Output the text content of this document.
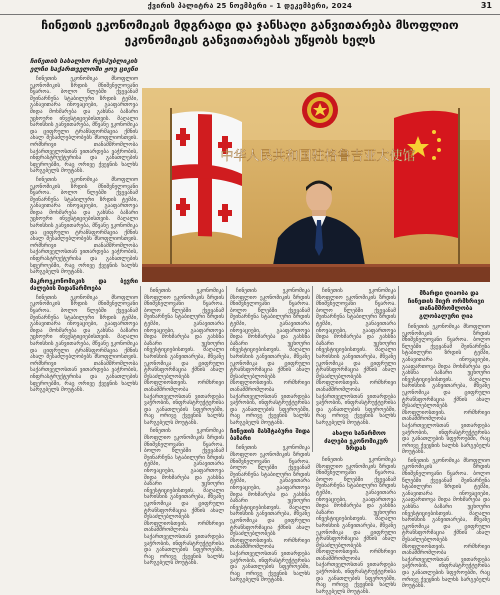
ქვირის პალიტრა 25 ნოემბერი – 1 დეკემბერი, 2024	31
ჩინეთის ეკონომიკის მდგრადი და ჯანსაღი განვითარება მსოფლიო ეკონომიკის განვითარებას უწყობს ხელს
ჩინეთის სახალხო რესპუბლიკის ელჩი საქართველოში ჟოუ ციენი

ჩინეთის ეკონომიკა მსოფლიო ეკონომიკის ზრდის მნიშვნელოვანი წყაროა. ბოლო წლებში ქვეყანამ შეინარჩუნა სტაბილური ზრდის ტემპი, განავითარა ინოვაციები, გააფართოვა შიდა მოხმარება და გახსნა ბაზარი უცხოური ინვესტიციებისთვის. მაღალი ხარისხის განვითარება, მწვანე ეკონომიკა და ციფრული ტრანსფორმაცია ქმნის ახალ შესაძლებლობებს მსოფლიოსთვის. ორმხრივი თანამშრომლობა საქართველოსთან ვითარდება ვაჭრობის, ინფრასტრუქტურისა და განათლების სფეროებში, რაც ორივე ქვეყნის ხალხს სარგებელს მოუტანს.

ჩინეთის ეკონომიკა მსოფლიო ეკონომიკის ზრდის მნიშვნელოვანი წყაროა. ბოლო წლებში ქვეყანამ შეინარჩუნა სტაბილური ზრდის ტემპი, განავითარა ინოვაციები, გააფართოვა შიდა მოხმარება და გახსნა ბაზარი უცხოური ინვესტიციებისთვის. მაღალი ხარისხის განვითარება, მწვანე ეკონომიკა და ციფრული ტრანსფორმაცია ქმნის ახალ შესაძლებლობებს მსოფლიოსთვის. ორმხრივი თანამშრომლობა საქართველოსთან ვითარდება ვაჭრობის, ინფრასტრუქტურისა და განათლების სფეროებში, რაც ორივე ქვეყნის ხალხს სარგებელს მოუტანს.

მაკროეკონომიკის და ბევრი ძალების შიდაწარმოება

ჩინეთის ეკონომიკა მსოფლიო ეკონომიკის ზრდის მნიშვნელოვანი წყაროა. ბოლო წლებში ქვეყანამ შეინარჩუნა სტაბილური ზრდის ტემპი, განავითარა ინოვაციები, გააფართოვა შიდა მოხმარება და გახსნა ბაზარი უცხოური ინვესტიციებისთვის. მაღალი ხარისხის განვითარება, მწვანე ეკონომიკა და ციფრული ტრანსფორმაცია ქმნის ახალ შესაძლებლობებს მსოფლიოსთვის. ორმხრივი თანამშრომლობა საქართველოსთან ვითარდება ვაჭრობის, ინფრასტრუქტურისა და განათლების სფეროებში, რაც ორივე ქვეყნის ხალხს სარგებელს მოუტანს.

中华人民共和国驻格鲁吉亚大使馆

ჩინეთის ეკონომიკა მსოფლიო ეკონომიკის ზრდის მნიშვნელოვანი წყაროა. ბოლო წლებში ქვეყანამ შეინარჩუნა სტაბილური ზრდის ტემპი, განავითარა ინოვაციები, გააფართოვა შიდა მოხმარება და გახსნა ბაზარი უცხოური ინვესტიციებისთვის. მაღალი ხარისხის განვითარება, მწვანე ეკონომიკა და ციფრული ტრანსფორმაცია ქმნის ახალ შესაძლებლობებს მსოფლიოსთვის. ორმხრივი თანამშრომლობა საქართველოსთან ვითარდება ვაჭრობის, ინფრასტრუქტურისა და განათლების სფეროებში, რაც ორივე ქვეყნის ხალხს სარგებელს მოუტანს.

ჩინეთის ეკონომიკა მსოფლიო ეკონომიკის ზრდის მნიშვნელოვანი წყაროა. ბოლო წლებში ქვეყანამ შეინარჩუნა სტაბილური ზრდის ტემპი, განავითარა ინოვაციები, გააფართოვა შიდა მოხმარება და გახსნა ბაზარი უცხოური ინვესტიციებისთვის. მაღალი ხარისხის განვითარება, მწვანე ეკონომიკა და ციფრული ტრანსფორმაცია ქმნის ახალ შესაძლებლობებს მსოფლიოსთვის. ორმხრივი თანამშრომლობა საქართველოსთან ვითარდება ვაჭრობის, ინფრასტრუქტურისა და განათლების სფეროებში, რაც ორივე ქვეყნის ხალხს სარგებელს მოუტანს.

ჩინეთის ეკონომიკა მსოფლიო ეკონომიკის ზრდის მნიშვნელოვანი წყაროა. ბოლო წლებში ქვეყანამ შეინარჩუნა სტაბილური ზრდის ტემპი, განავითარა ინოვაციები, გააფართოვა შიდა მოხმარება და გახსნა ბაზარი უცხოური ინვესტიციებისთვის. მაღალი ხარისხის განვითარება, მწვანე ეკონომიკა და ციფრული ტრანსფორმაცია ქმნის ახალ შესაძლებლობებს მსოფლიოსთვის. ორმხრივი თანამშრომლობა საქართველოსთან ვითარდება ვაჭრობის, ინფრასტრუქტურისა და განათლების სფეროებში, რაც ორივე ქვეყნის ხალხს სარგებელს მოუტანს.

ჩინეთის მასშტაბური შიდა ბაზარი

ჩინეთის ეკონომიკა მსოფლიო ეკონომიკის ზრდის მნიშვნელოვანი წყაროა. ბოლო წლებში ქვეყანამ შეინარჩუნა სტაბილური ზრდის ტემპი, განავითარა ინოვაციები, გააფართოვა შიდა მოხმარება და გახსნა ბაზარი უცხოური ინვესტიციებისთვის. მაღალი ხარისხის განვითარება, მწვანე ეკონომიკა და ციფრული ტრანსფორმაცია ქმნის ახალ შესაძლებლობებს მსოფლიოსთვის. ორმხრივი თანამშრომლობა საქართველოსთან ვითარდება ვაჭრობის, ინფრასტრუქტურისა და განათლების სფეროებში, რაც ორივე ქვეყნის ხალხს სარგებელს მოუტანს.

ჩინეთის ეკონომიკა მსოფლიო ეკონომიკის ზრდის მნიშვნელოვანი წყაროა. ბოლო წლებში ქვეყანამ შეინარჩუნა სტაბილური ზრდის ტემპი, განავითარა ინოვაციები, გააფართოვა შიდა მოხმარება და გახსნა ბაზარი უცხოური ინვესტიციებისთვის. მაღალი ხარისხის განვითარება, მწვანე ეკონომიკა და ციფრული ტრანსფორმაცია ქმნის ახალ შესაძლებლობებს მსოფლიოსთვის. ორმხრივი თანამშრომლობა საქართველოსთან ვითარდება ვაჭრობის, ინფრასტრუქტურისა და განათლების სფეროებში, რაც ორივე ქვეყნის ხალხს სარგებელს მოუტანს.

ახალი საწარმოო ძალები ეკონომიკურ ზრდას

ჩინეთის ეკონომიკა მსოფლიო ეკონომიკის ზრდის მნიშვნელოვანი წყაროა. ბოლო წლებში ქვეყანამ შეინარჩუნა სტაბილური ზრდის ტემპი, განავითარა ინოვაციები, გააფართოვა შიდა მოხმარება და გახსნა ბაზარი უცხოური ინვესტიციებისთვის. მაღალი ხარისხის განვითარება, მწვანე ეკონომიკა და ციფრული ტრანსფორმაცია ქმნის ახალ შესაძლებლობებს მსოფლიოსთვის. ორმხრივი თანამშრომლობა საქართველოსთან ვითარდება ვაჭრობის, ინფრასტრუქტურისა და განათლების სფეროებში, რაც ორივე ქვეყნის ხალხს სარგებელს მოუტანს.

მზარდი ღიაობა და ჩინეთის მიერ ორმხრივი თანამშრომლობა გლობალური ღია

ჩინეთის ეკონომიკა მსოფლიო ეკონომიკის ზრდის მნიშვნელოვანი წყაროა. ბოლო წლებში ქვეყანამ შეინარჩუნა სტაბილური ზრდის ტემპი, განავითარა ინოვაციები, გააფართოვა შიდა მოხმარება და გახსნა ბაზარი უცხოური ინვესტიციებისთვის. მაღალი ხარისხის განვითარება, მწვანე ეკონომიკა და ციფრული ტრანსფორმაცია ქმნის ახალ შესაძლებლობებს მსოფლიოსთვის. ორმხრივი თანამშრომლობა საქართველოსთან ვითარდება ვაჭრობის, ინფრასტრუქტურისა და განათლების სფეროებში, რაც ორივე ქვეყნის ხალხს სარგებელს მოუტანს.

ჩინეთის ეკონომიკა მსოფლიო ეკონომიკის ზრდის მნიშვნელოვანი წყაროა. ბოლო წლებში ქვეყანამ შეინარჩუნა სტაბილური ზრდის ტემპი, განავითარა ინოვაციები, გააფართოვა შიდა მოხმარება და გახსნა ბაზარი უცხოური ინვესტიციებისთვის. მაღალი ხარისხის განვითარება, მწვანე ეკონომიკა და ციფრული ტრანსფორმაცია ქმნის ახალ შესაძლებლობებს მსოფლიოსთვის. ორმხრივი თანამშრომლობა საქართველოსთან ვითარდება ვაჭრობის, ინფრასტრუქტურისა და განათლების სფეროებში, რაც ორივე ქვეყნის ხალხს სარგებელს მოუტანს.
